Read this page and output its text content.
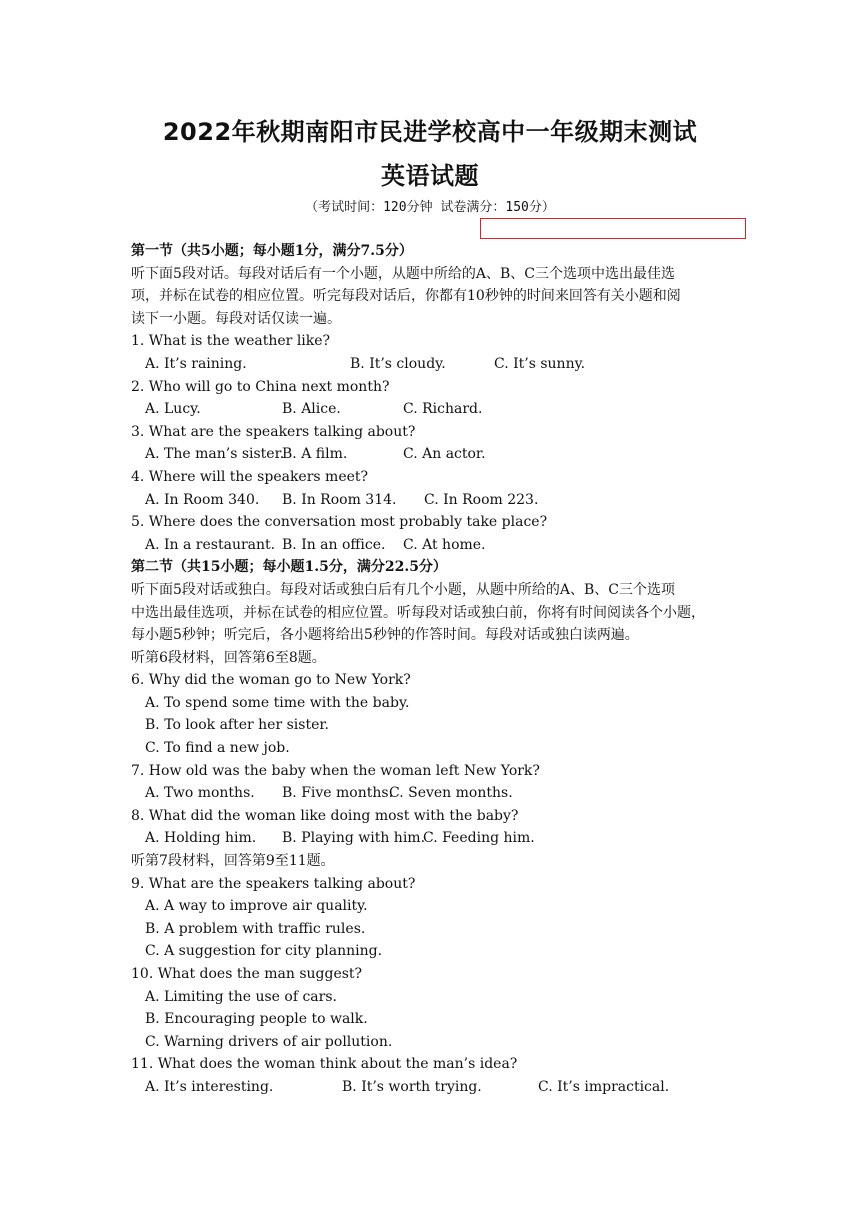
2022年秋期南阳市民进学校高中一年级期末测试
英语试题
（考试时间：120分钟 试卷满分：150分）
第一节（共5小题；每小题1分，满分7.5分）
听下面5段对话。每段对话后有一个小题，从题中所给的A、B、C三个选项中选出最佳选
项，并标在试卷的相应位置。听完每段对话后，你都有10秒钟的时间来回答有关小题和阅
读下一小题。每段对话仅读一遍。
1. What is the weather like?
A. It’s raining.	B. It’s cloudy.	C. It’s sunny.
2. Who will go to China next month?
A. Lucy.	B. Alice.	C. Richard.
3. What are the speakers talking about?
A. The man’s sister.
B. A film.	C. An actor.
4. Where will the speakers meet?
A. In Room 340. B. In Room 314. C. In Room 223.
5. Where does the conversation most probably take place?
A. In a restaurant. B. In an office. C. At home.
第二节（共15小题；每小题1.5分，满分22.5分）
听下面5段对话或独白。每段对话或独白后有几个小题，从题中所给的A、B、C三个选项
中选出最佳选项，并标在试卷的相应位置。听每段对话或独白前，你将有时间阅读各个小题，
每小题5秒钟；听完后，各小题将给出5秒钟的作答时间。每段对话或独白读两遍。
听第6段材料，回答第6至8题。
6. Why did the woman go to New York?
A. To spend some time with the baby.
B. To look after her sister.
C. To find a new job.
7. How old was the baby when the woman left New York?
A. Two months. B. Five months.
C. Seven months.
8. What did the woman like doing most with the baby?
A. Holding him. B. Playing with him.
C. Feeding him.
听第7段材料，回答第9至11题。
9. What are the speakers talking about?
A. A way to improve air quality.
B. A problem with traffic rules.
C. A suggestion for city planning.
10. What does the man suggest?
A. Limiting the use of cars.
B. Encouraging people to walk.
C. Warning drivers of air pollution.
11. What does the woman think about the man’s idea?
A. It’s interesting.	B. It’s worth trying.	C. It’s impractical.
